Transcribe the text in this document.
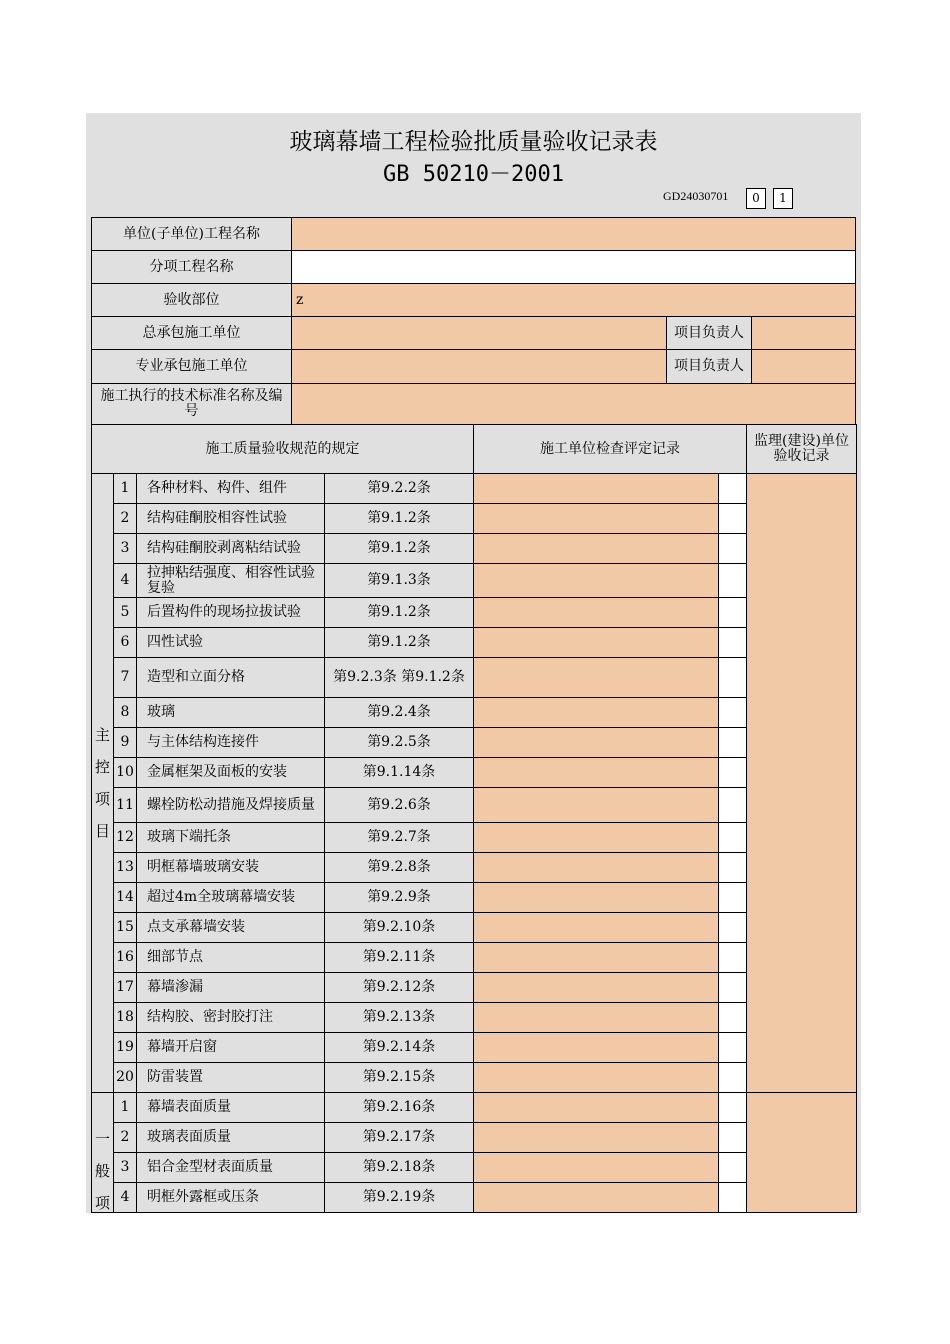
玻璃幕墙工程检验批质量验收记录表
GB 50210－2001
GD24030701	0	1
单位(子单位)工程名称
分项工程名称
验收部位	z
总承包施工单位	项目负责人
专业承包施工单位	项目负责人
施工执行的技术标准名称及编号
施工质量验收规范的规定	施工单位检查评定记录	监理(建设)单位验收记录
1	各种材料、构件、组件	第9.2.2条
2	结构硅酮胶相容性试验	第9.1.2条
3	结构硅酮胶剥离粘结试验	第9.1.2条
4	拉抻粘结强度、相容性试验复验	第9.1.3条
5	后置构件的现场拉拔试验	第9.1.2条
6	四性试验	第9.1.2条
7	造型和立面分格	第9.2.3条 第9.1.2条
8	玻璃	第9.2.4条
9	与主体结构连接件	第9.2.5条
10 金属框架及面板的安装	第9.1.14条
11 螺栓防松动措施及焊接质量	第9.2.6条
12 玻璃下端托条	第9.2.7条
13 明框幕墙玻璃安装	第9.2.8条
14 超过4m全玻璃幕墙安装	第9.2.9条
15 点支承幕墙安装	第9.2.10条
16 细部节点	第9.2.11条
17 幕墙渗漏	第9.2.12条
18 结构胶、密封胶打注	第9.2.13条
19 幕墙开启窗	第9.2.14条
20 防雷装置	第9.2.15条
主
控
项
目
1	幕墙表面质量	第9.2.16条
2	玻璃表面质量	第9.2.17条
3	铝合金型材表面质量	第9.2.18条
4	明框外露框或压条	第9.2.19条
一
般
项
